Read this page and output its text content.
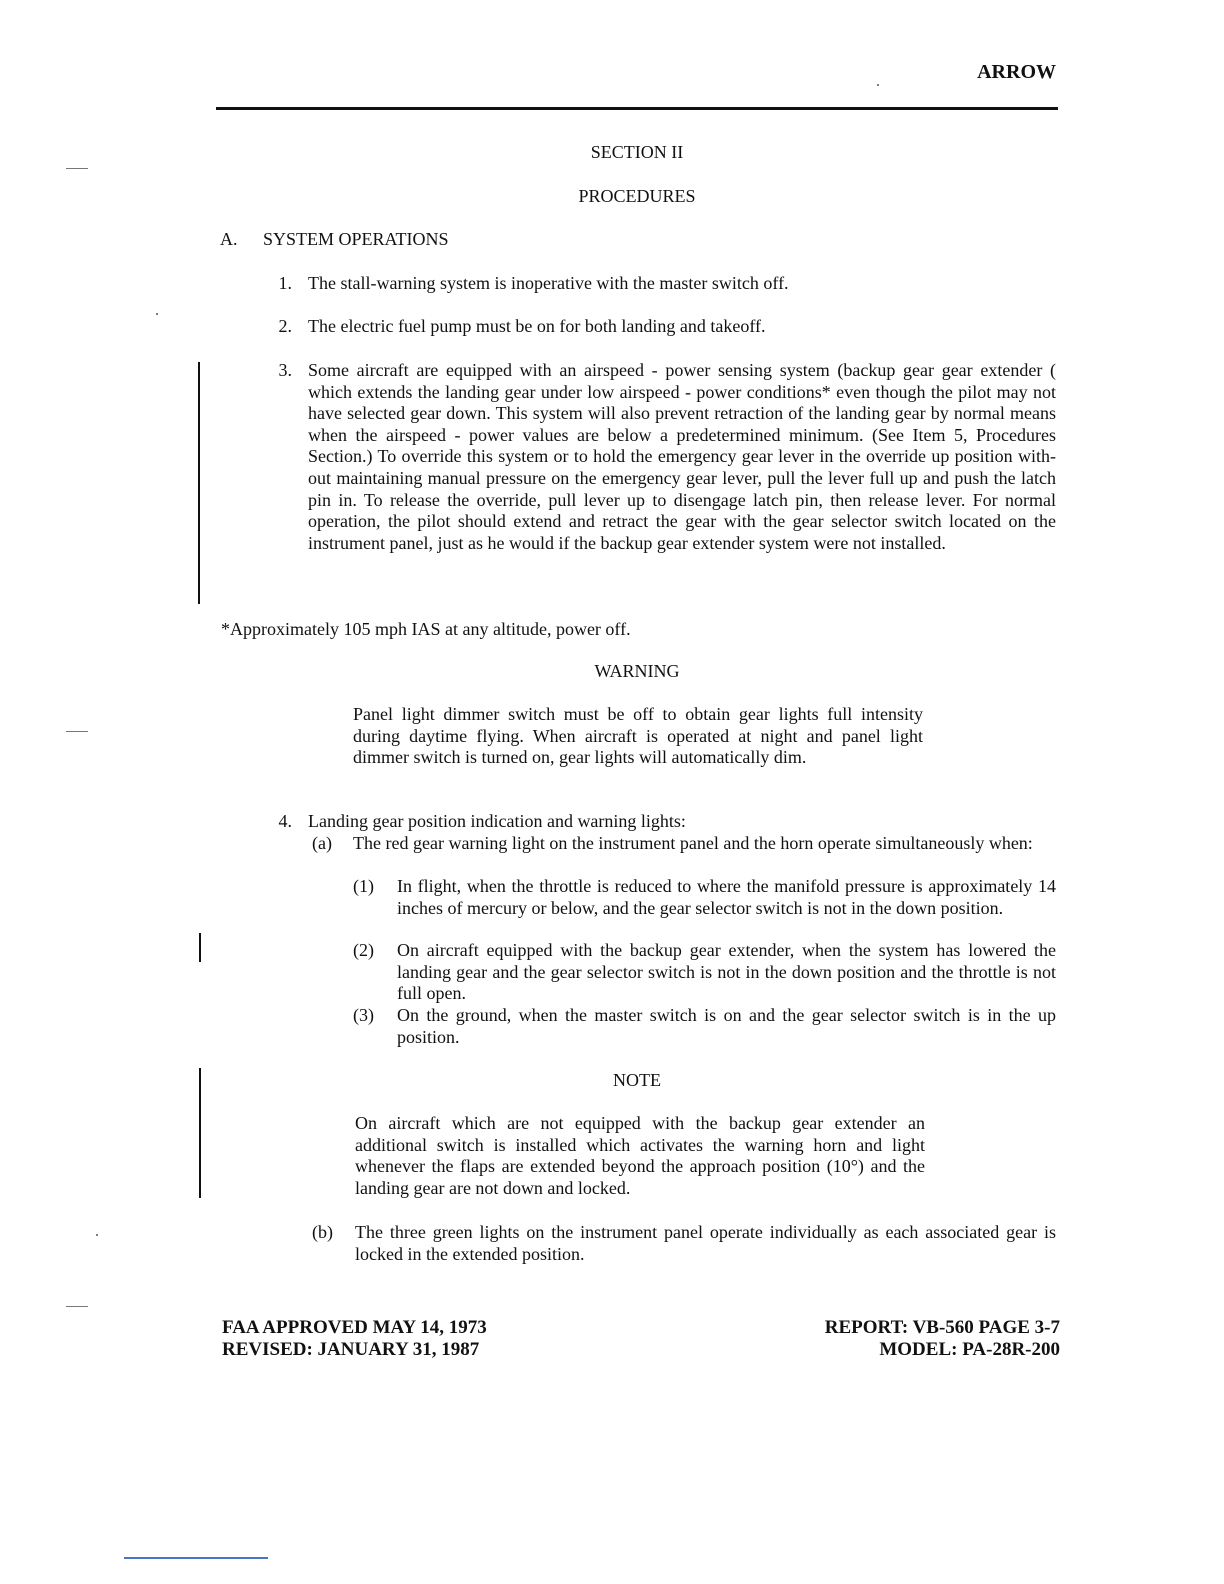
ARROW
SECTION II
PROCEDURES
A. SYSTEM OPERATIONS
1. The stall-warning system is inoperative with the master switch off.
2. The electric fuel pump must be on for both landing and takeoff.
3. Some aircraft are equipped with an airspeed - power sensing system (backup gear gear extender ( which extends the landing gear under low airspeed - power conditions* even though the pilot may not have selected gear down. This system will also prevent retraction of the landing gear by normal means when the airspeed - power values are below a predetermined minimum. (See Item 5, Procedures Section.) To override this system or to hold the emergency gear lever in the override up position with-out maintaining manual pressure on the emergency gear lever, pull the lever full up and push the latch pin in. To release the override, pull lever up to disengage latch pin, then release lever. For normal operation, the pilot should extend and retract the gear with the gear selector switch located on the instrument panel, just as he would if the backup gear extender system were not installed.
*Approximately 105 mph IAS at any altitude, power off.
WARNING
Panel light dimmer switch must be off to obtain gear lights full intensity during daytime flying. When aircraft is operated at night and panel light dimmer switch is turned on, gear lights will automatically dim.
4. Landing gear position indication and warning lights:
(a) The red gear warning light on the instrument panel and the horn operate simultaneously when:
(1) In flight, when the throttle is reduced to where the manifold pressure is approximately 14 inches of mercury or below, and the gear selector switch is not in the down position.
(2) On aircraft equipped with the backup gear extender, when the system has lowered the landing gear and the gear selector switch is not in the down position and the throttle is not full open.
(3) On the ground, when the master switch is on and the gear selector switch is in the up position.
NOTE
On aircraft which are not equipped with the backup gear extender an additional switch is installed which activates the warning horn and light whenever the flaps are extended beyond the approach position (10°) and the landing gear are not down and locked.
(b) The three green lights on the instrument panel operate individually as each associated gear is locked in the extended position.
FAA APPROVED MAY 14, 1973
REVISED: JANUARY 31, 1987
REPORT: VB-560 PAGE 3-7
MODEL: PA-28R-200
